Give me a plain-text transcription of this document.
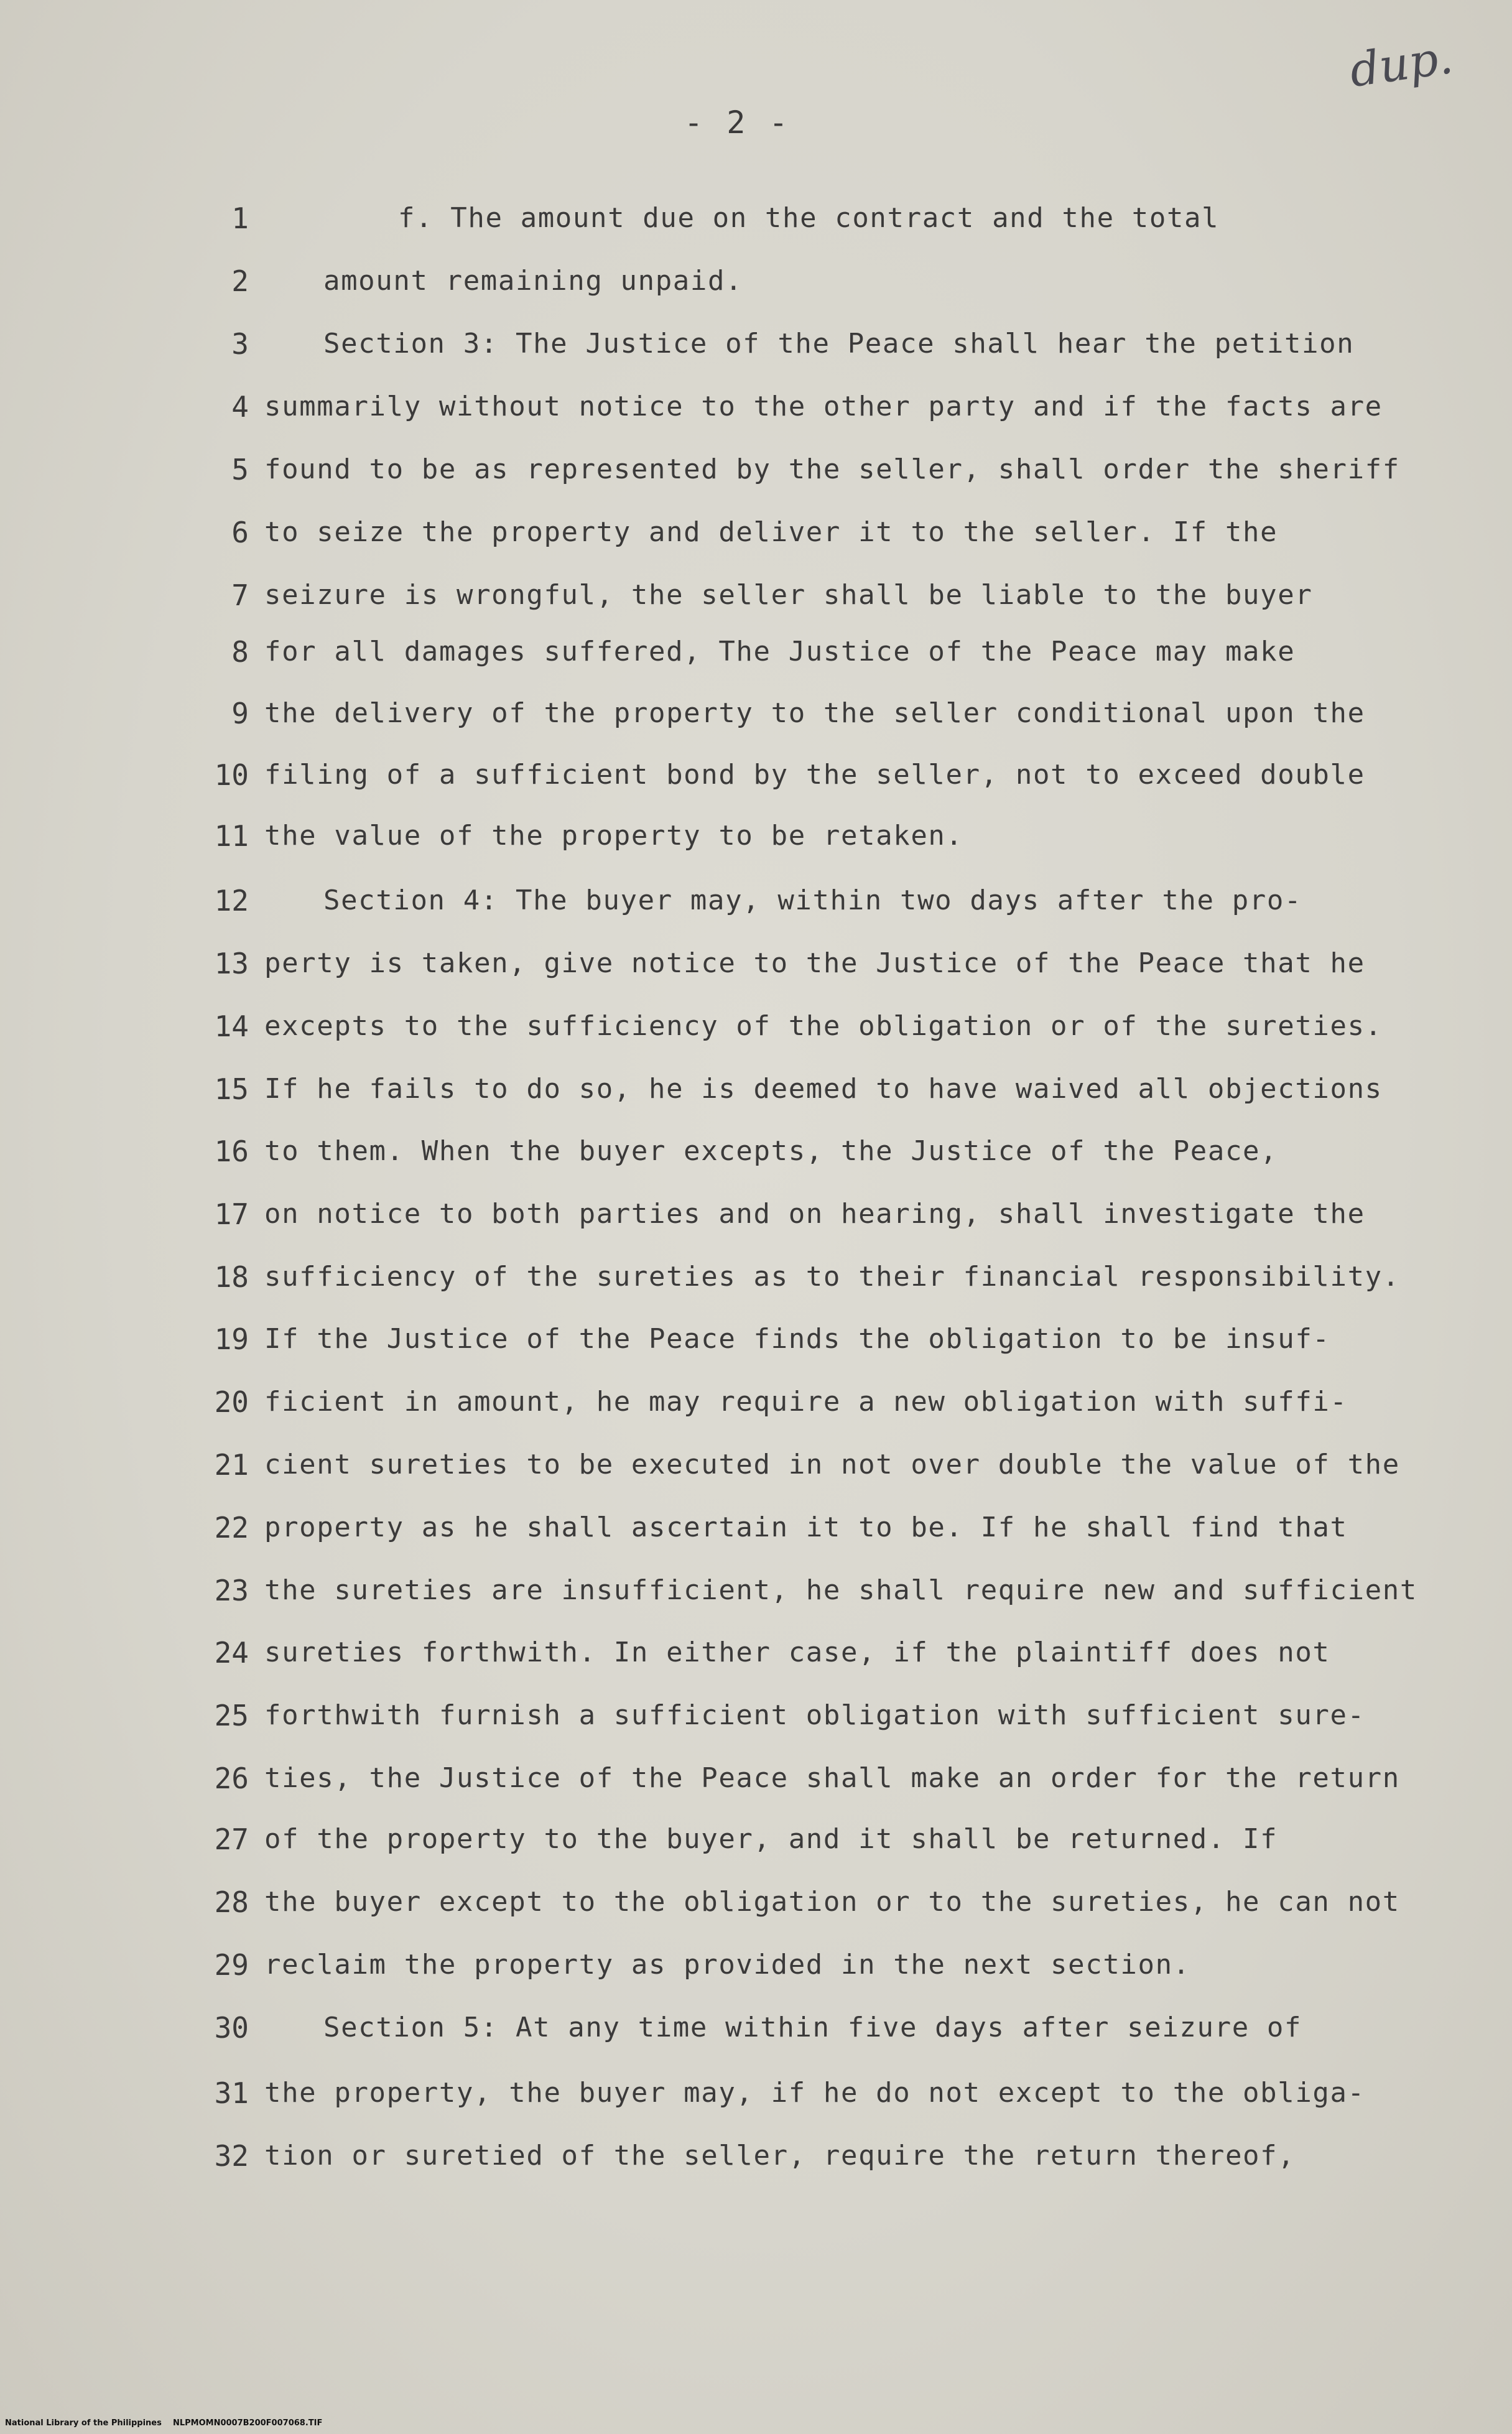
dup.
- 2 -
1	f. The amount due on the contract and the total
2	amount remaining unpaid.
3	Section 3: The Justice of the Peace shall hear the petition
4 summarily without notice to the other party and if the facts are
5 found to be as represented by the seller, shall order the sheriff
6 to seize the property and deliver it to the seller. If the
7 seizure is wrongful, the seller shall be liable to the buyer
8 for all damages suffered, The Justice of the Peace may make
9 the delivery of the property to the seller conditional upon the
10 filing of a sufficient bond by the seller, not to exceed double
11 the value of the property to be retaken.
12	Section 4: The buyer may, within two days after the pro-
13 perty is taken, give notice to the Justice of the Peace that he
14 excepts to the sufficiency of the obligation or of the sureties.
15 If he fails to do so, he is deemed to have waived all objections
16 to them. When the buyer excepts, the Justice of the Peace,
17 on notice to both parties and on hearing, shall investigate the
18 sufficiency of the sureties as to their financial responsibility.
19 If the Justice of the Peace finds the obligation to be insuf-
20 ficient in amount, he may require a new obligation with suffi-
21 cient sureties to be executed in not over double the value of the
22 property as he shall ascertain it to be. If he shall find that
23 the sureties are insufficient, he shall require new and sufficient
24 sureties forthwith. In either case, if the plaintiff does not
25 forthwith furnish a sufficient obligation with sufficient sure-
26 ties, the Justice of the Peace shall make an order for the return
27 of the property to the buyer, and it shall be returned. If
28 the buyer except to the obligation or to the sureties, he can not
29 reclaim the property as provided in the next section.
30	Section 5: At any time within five days after seizure of
31 the property, the buyer may, if he do not except to the obliga-
32 tion or suretied of the seller, require the return thereof,
National Library of the Philippines    NLPMOMN0007B200F007068.TIF
